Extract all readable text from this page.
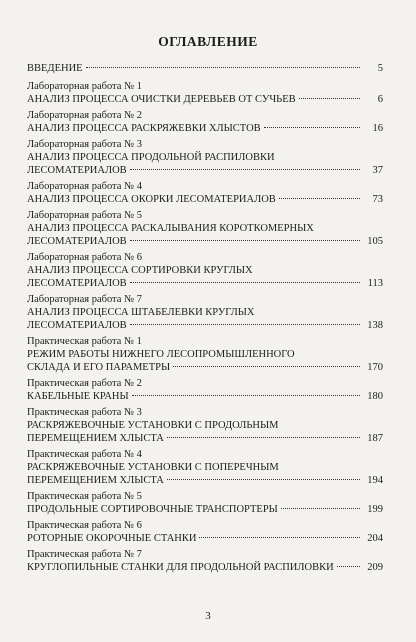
ОГЛАВЛЕНИЕ
ВВЕДЕНИЕ	5
Лабораторная работа № 1
АНАЛИЗ ПРОЦЕССА ОЧИСТКИ ДЕРЕВЬЕВ ОТ СУЧЬЕВ	6
Лабораторная работа № 2
АНАЛИЗ ПРОЦЕССА РАСКРЯЖЕВКИ ХЛЫСТОВ	16
Лабораторная работа № 3
АНАЛИЗ ПРОЦЕССА ПРОДОЛЬНОЙ РАСПИЛОВКИ
ЛЕСОМАТЕРИАЛОВ	37
Лабораторная работа № 4
АНАЛИЗ ПРОЦЕССА ОКОРКИ ЛЕСОМАТЕРИАЛОВ	73
Лабораторная работа № 5
АНАЛИЗ ПРОЦЕССА РАСКАЛЫВАНИЯ КОРОТКОМЕРНЫХ
ЛЕСОМАТЕРИАЛОВ	105
Лабораторная работа № 6
АНАЛИЗ ПРОЦЕССА СОРТИРОВКИ КРУГЛЫХ
ЛЕСОМАТЕРИАЛОВ	113
Лабораторная работа № 7
АНАЛИЗ ПРОЦЕССА ШТАБЕЛЕВКИ КРУГЛЫХ
ЛЕСОМАТЕРИАЛОВ	138
Практическая работа № 1
РЕЖИМ РАБОТЫ НИЖНЕГО ЛЕСОПРОМЫШЛЕННОГО
СКЛАДА И ЕГО ПАРАМЕТРЫ	170
Практическая работа № 2
КАБЕЛЬНЫЕ КРАНЫ	180
Практическая работа № 3
РАСКРЯЖЕВОЧНЫЕ УСТАНОВКИ С ПРОДОЛЬНЫМ
ПЕРЕМЕЩЕНИЕМ ХЛЫСТА	187
Практическая работа № 4
РАСКРЯЖЕВОЧНЫЕ УСТАНОВКИ С ПОПЕРЕЧНЫМ
ПЕРЕМЕЩЕНИЕМ ХЛЫСТА	194
Практическая работа № 5
ПРОДОЛЬНЫЕ СОРТИРОВОЧНЫЕ ТРАНСПОРТЕРЫ	199
Практическая работа № 6
РОТОРНЫЕ ОКОРОЧНЫЕ СТАНКИ	204
Практическая работа № 7
КРУГЛОПИЛЬНЫЕ СТАНКИ ДЛЯ ПРОДОЛЬНОЙ РАСПИЛОВКИ	209
3
